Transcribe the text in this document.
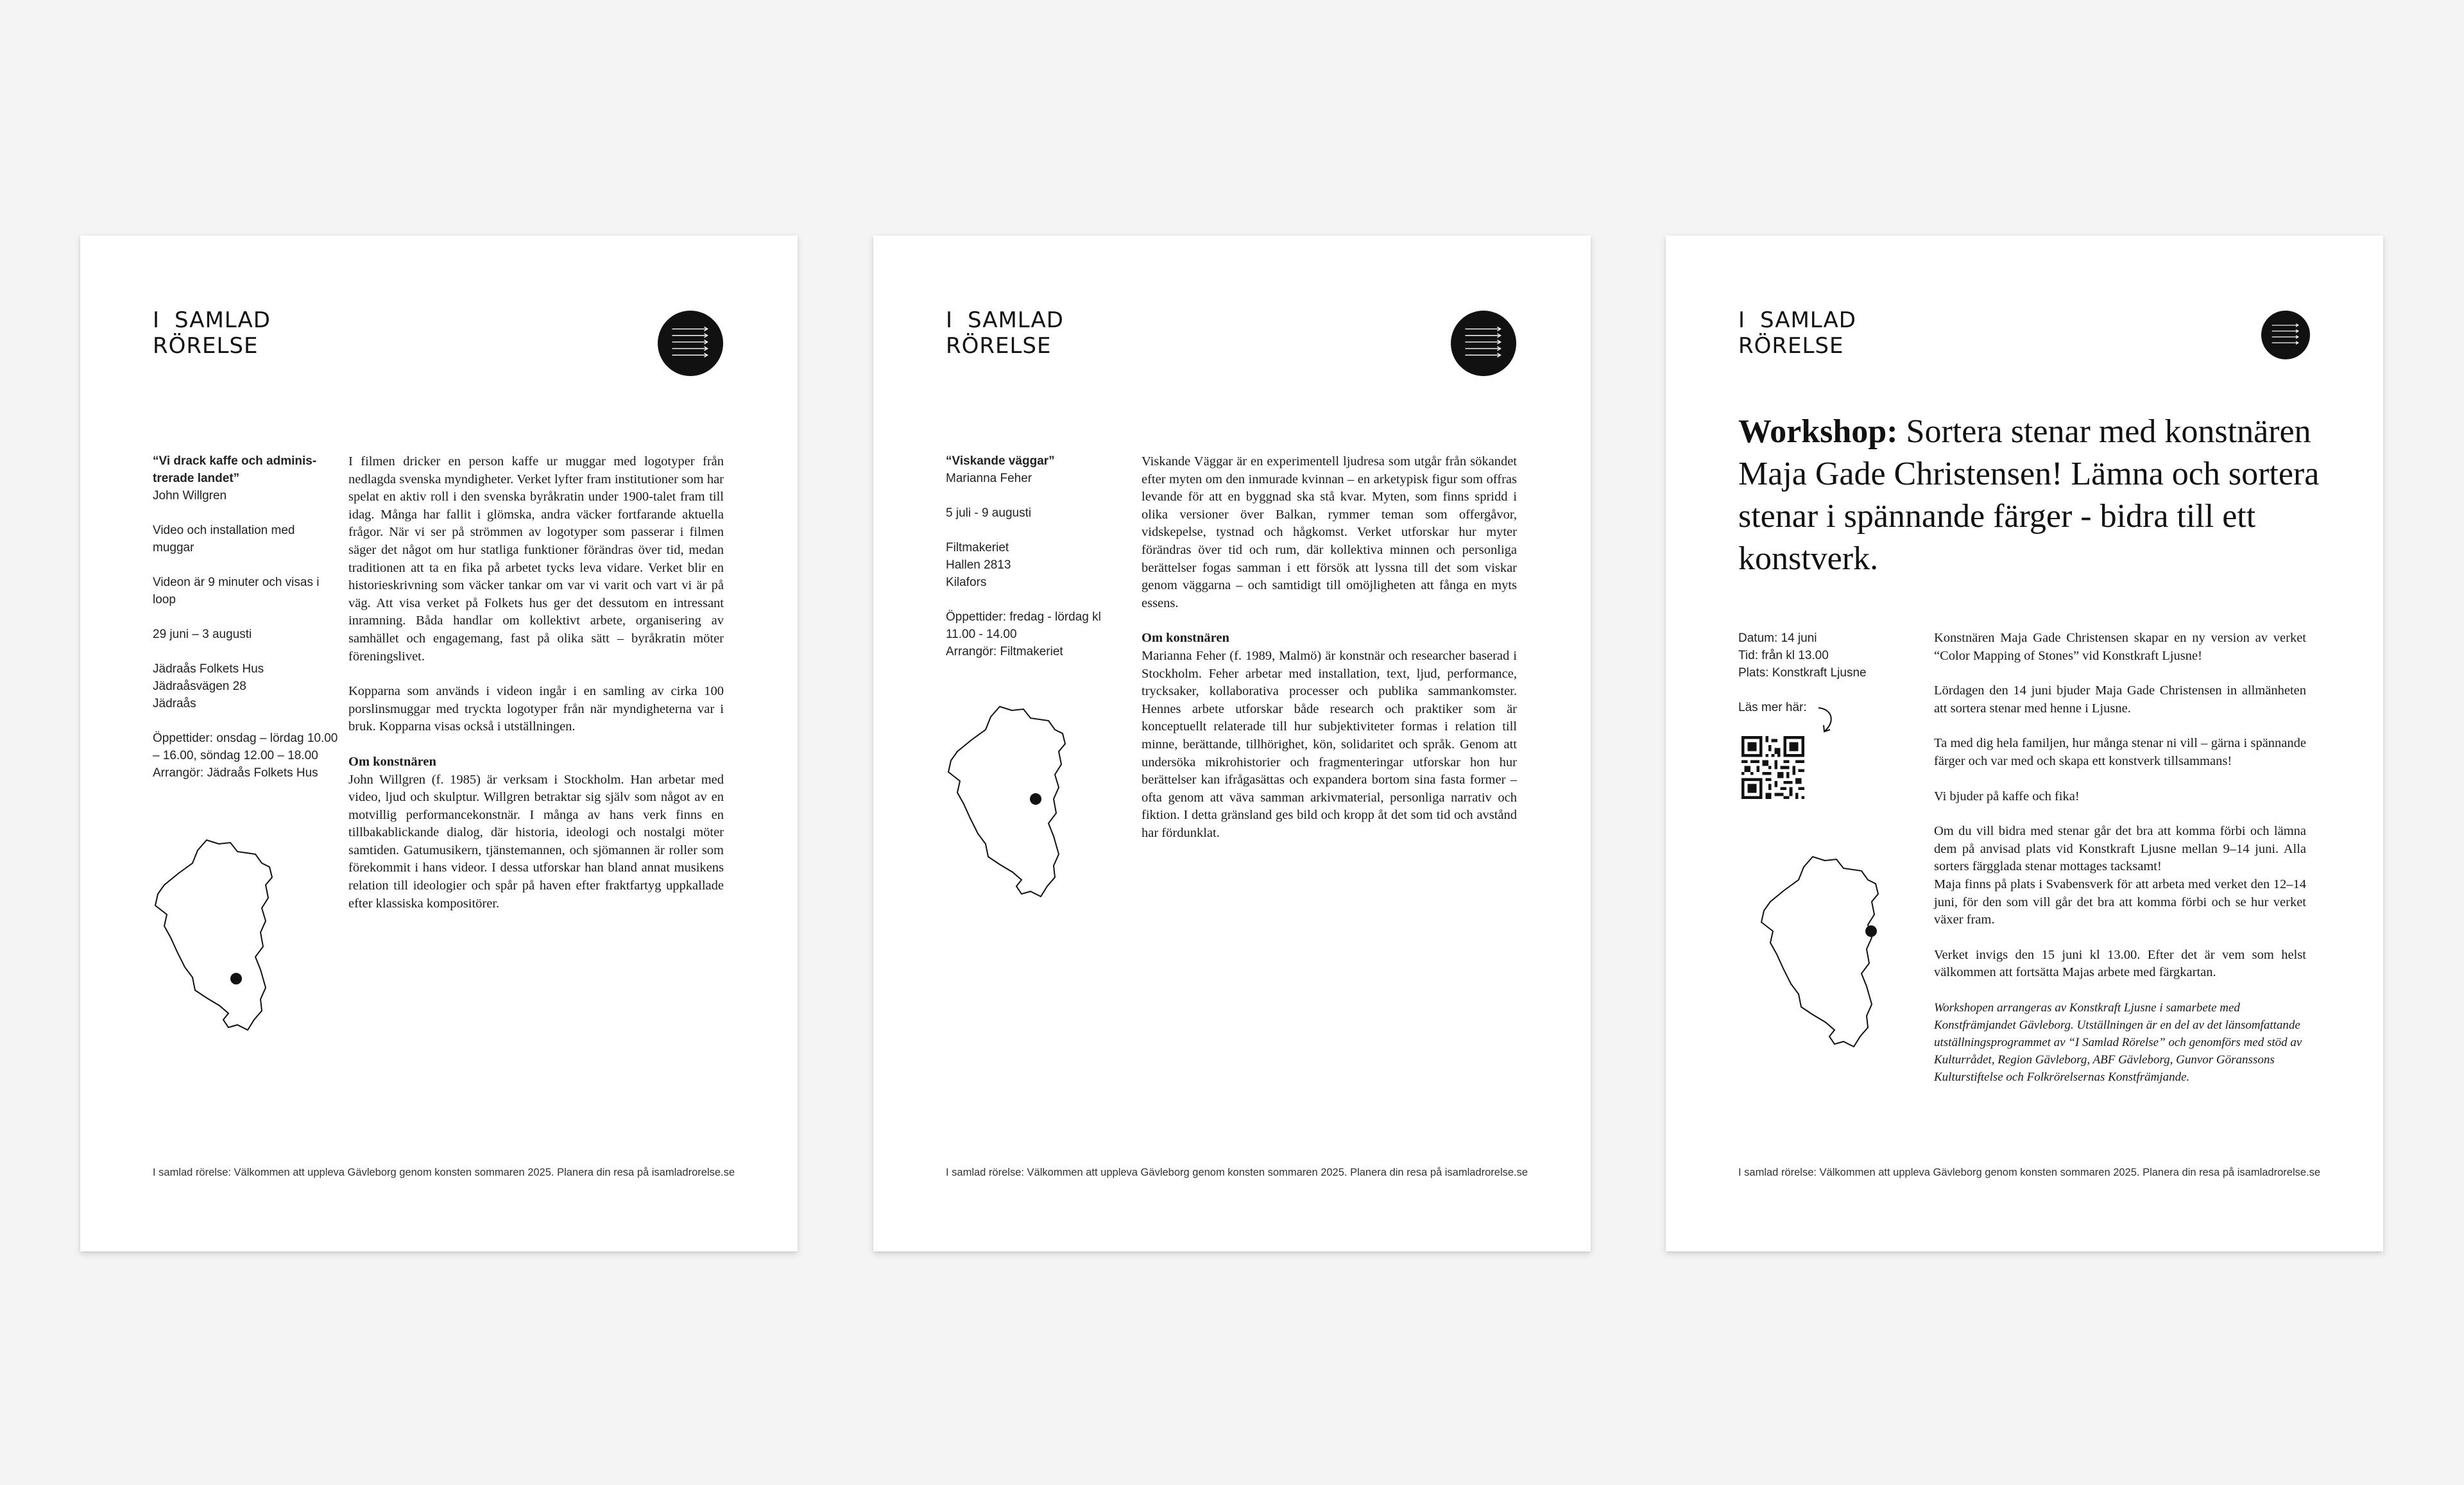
I SAMLAD
RÖRELSE

“Vi drack kaffe och adminis-trerade landet”

John Willgren

Video och installation med muggar

Videon är 9 minuter och visas i loop

29 juni – 3 augusti

Jädraås Folkets Hus
Jädraåsvägen 28
Jädraås

Öppettider: onsdag – lördag 10.00 – 16.00, söndag 12.00 – 18.00

Arrangör: Jädraås Folkets Hus

I filmen dricker en person kaffe ur muggar med logotyper från nedlagda svenska myndigheter. Verket lyfter fram institutioner som har spelat en aktiv roll i den svenska byråkratin under 1900-talet fram till idag. Många har fallit i glömska, andra väcker fortfarande aktuella frågor. När vi ser på strömmen av logotyper som passerar i filmen säger det något om hur statliga funktioner förändras över tid, medan traditionen att ta en fika på arbetet tycks leva vidare. Verket blir en historieskrivning som väcker tankar om var vi varit och vart vi är på väg. Att visa verket på Folkets hus ger det dessutom en intressant inramning. Båda handlar om kollektivt arbete, organisering av samhället och engagemang, fast på olika sätt – byråkratin möter föreningslivet.

Kopparna som används i videon ingår i en samling av cirka 100 porslinsmuggar med tryckta logotyper från när myndigheterna var i bruk. Kopparna visas också i utställningen.

Om konstnären

John Willgren (f. 1985) är verksam i Stockholm. Han arbetar med video, ljud och skulptur. Willgren betraktar sig själv som något av en motvillig performancekonstnär. I många av hans verk finns en tillbakablickande dialog, där historia, ideologi och nostalgi möter samtiden. Gatumusikern, tjänstemannen, och sjömannen är roller som förekommit i hans videor. I dessa utforskar han bland annat musikens relation till ideologier och spår på haven efter fraktfartyg uppkallade efter klassiska kompositörer.

I samlad rörelse: Välkommen att uppleva Gävleborg genom konsten sommaren 2025. Planera din resa på isamladrorelse.se
I SAMLAD
RÖRELSE

“Viskande väggar”

Marianna Feher

5 juli - 9 augusti

Filtmakeriet
Hallen 2813
Kilafors

Öppettider: fredag - lördag kl 11.00 - 14.00

Arrangör: Filtmakeriet

Viskande Väggar är en experimentell ljudresa som utgår från sökandet efter myten om den inmurade kvinnan – en arketypisk figur som offras levande för att en byggnad ska stå kvar. Myten, som finns spridd i olika versioner över Balkan, rymmer teman som offergåvor, vidskepelse, tystnad och hågkomst. Verket utforskar hur myter förändras över tid och rum, där kollektiva minnen och personliga berättelser fogas samman i ett försök att lyssna till det som viskar genom väggarna – och samtidigt till omöjligheten att fånga en myts essens.

Om konstnären

Marianna Feher (f. 1989, Malmö) är konstnär och researcher baserad i Stockholm. Feher arbetar med installation, text, ljud, performance, trycksaker, kollaborativa processer och publika sammankomster. Hennes arbete utforskar både research och praktiker som är konceptuellt relaterade till hur subjektiviteter formas i relation till minne, berättande, tillhörighet, kön, solidaritet och språk. Genom att undersöka mikrohistorier och fragmenteringar utforskar hon hur berättelser kan ifrågasättas och expandera bortom sina fasta former – ofta genom att väva samman arkivmaterial, personliga narrativ och fiktion. I detta gränsland ges bild och kropp åt det som tid och avstånd har fördunklat.

I samlad rörelse: Välkommen att uppleva Gävleborg genom konsten sommaren 2025. Planera din resa på isamladrorelse.se
I SAMLAD
RÖRELSE
Workshop: Sortera stenar med konstnären Maja Gade Christensen! Lämna och sortera stenar i spännande färger - bidra till ett konstverk.

Datum: 14 juni
Tid: från kl 13.00
Plats: Konstkraft Ljusne

Läs mer här:

Konstnären Maja Gade Christensen skapar en ny version av verket “Color Mapping of Stones” vid Konstkraft Ljusne!

Lördagen den 14 juni bjuder Maja Gade Christensen in allmänheten att sortera stenar med henne i Ljusne.

Ta med dig hela familjen, hur många stenar ni vill – gärna i spännande färger och var med och skapa ett konstverk tillsammans!

Vi bjuder på kaffe och fika!

Om du vill bidra med stenar går det bra att komma förbi och lämna dem på anvisad plats vid Konstkraft Ljusne mellan 9–14 juni. Alla sorters färgglada stenar mottages tacksamt!

Maja finns på plats i Svabensverk för att arbeta med verket den 12–14 juni, för den som vill går det bra att komma förbi och se hur verket växer fram.

Verket invigs den 15 juni kl 13.00. Efter det är vem som helst välkommen att fortsätta Majas arbete med färgkartan.

Workshopen arrangeras av Konstkraft Ljusne i samarbete med Konstfrämjandet Gävleborg. Utställningen är en del av det länsomfattande utställningsprogrammet av “I Samlad Rörelse” och genomförs med stöd av Kulturrådet, Region Gävleborg, ABF Gävleborg, Gunvor Göranssons Kulturstiftelse och Folkrörelsernas Konstfrämjande.

I samlad rörelse: Välkommen att uppleva Gävleborg genom konsten sommaren 2025. Planera din resa på isamladrorelse.se
